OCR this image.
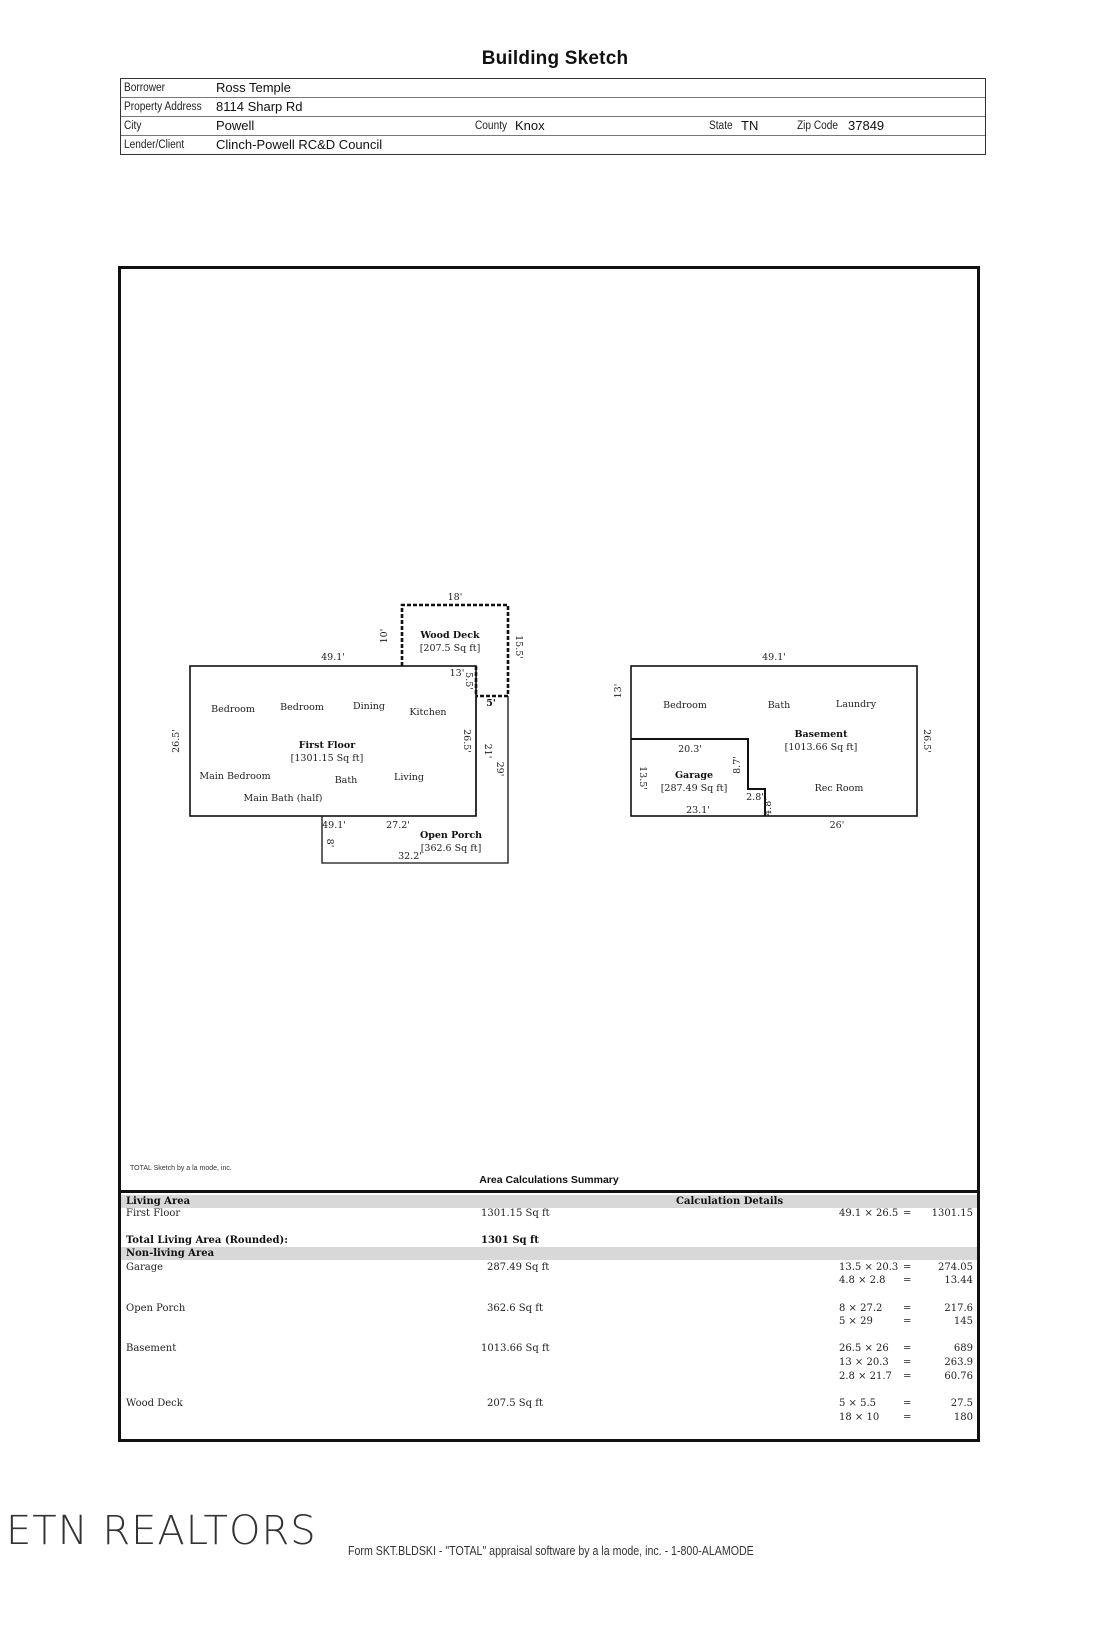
Building Sketch
Borrower	Ross Temple
Property Address 8114 Sharp Rd
City	Powell	County Knox	State TN	Zip Code 37849
Lender/Client Clinch-Powell RC&D Council
49.1'
26.5'
13'
5.5'
26.5'
Bedroom	Bedroom	Dining
Kitchen
First Floor
[1301.15 Sq ft]
Main Bedroom	Bath	Living
Main Bath (half)
18'
10'	15.5'
Wood Deck
[207.5 Sq ft]
5'
21'
29'
49.1'	27.2'
8'
Open Porch
[362.6 Sq ft]
32.2'
49.1'
13'
26.5'
Bedroom	Bath	Laundry
Basement
[1013.66 Sq ft]
Rec Room
26'
8.7'
2.8'
4.8'
20.3'
13.5'	Garage
[287.49 Sq ft]
23.1'
TOTAL Sketch by a la mode, inc.
Area Calculations Summary
Living Area	Calculation Details
First Floor	1301.15 Sq ft	49.1 × 26.5 = 1301.15
Total Living Area (Rounded):	1301 Sq ft
Non-living Area
Garage	287.49 Sq ft	13.5 × 20.3 =	274.05
4.8 × 2.8 =	13.44
Open Porch	362.6 Sq ft	8 × 27.2 =	217.6
5 × 29	=	145
Basement	1013.66 Sq ft	26.5 × 26 =	689
13 × 20.3 =	263.9
2.8 × 21.7 =	60.76
Wood Deck	207.5 Sq ft	5 × 5.5	=	27.5
18 × 10 =	180
ETN REALTORS	Form SKT.BLDSKI - "TOTAL" appraisal software by a la mode, inc. - 1-800-ALAMODE
